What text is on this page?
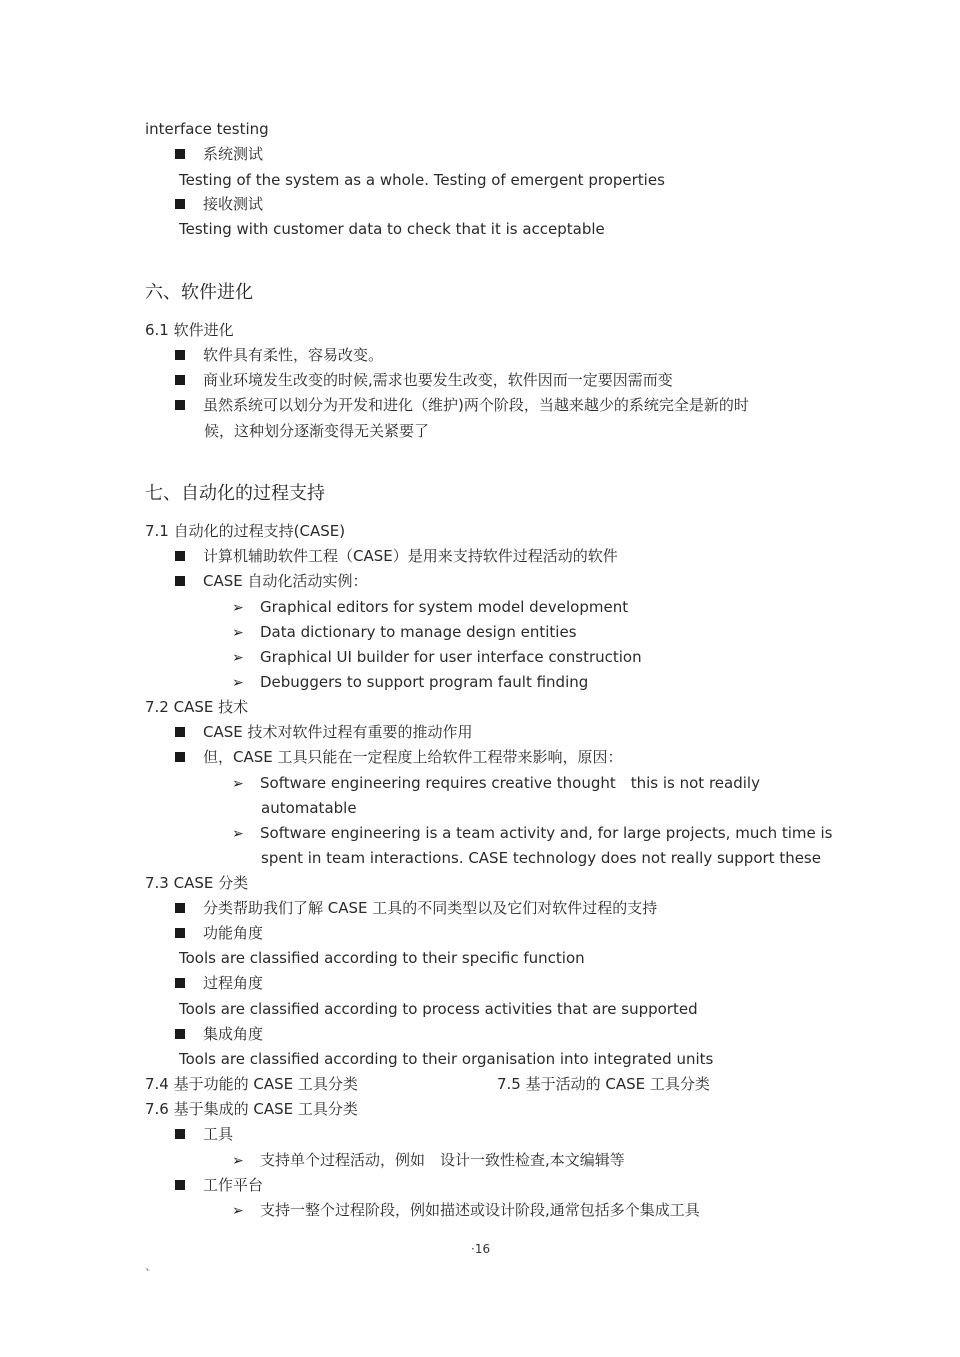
interface testing
系统测试
Testing of the system as a whole. Testing of emergent properties
接收测试
Testing with customer data to check that it is acceptable
六、软件进化
6.1 软件进化
软件具有柔性，容易改变。
商业环境发生改变的时候,需求也要发生改变，软件因而一定要因需而变
虽然系统可以划分为开发和进化（维护)两个阶段，当越来越少的系统完全是新的时
候，这种划分逐渐变得无关紧要了
七、自动化的过程支持
7.1 自动化的过程支持(CASE)
计算机辅助软件工程（CASE）是用来支持软件过程活动的软件
CASE 自动化活动实例：
➢ Graphical editors for system model development
➢ Data dictionary to manage design entities
➢ Graphical UI builder for user interface construction
➢ Debuggers to support program fault finding
7.2 CASE 技术
CASE 技术对软件过程有重要的推动作用
但，CASE 工具只能在一定程度上给软件工程带来影响，原因：
➢ Software engineering requires creative thought　this is not readily
automatable
➢ Software engineering is a team activity and, for large projects, much time is
spent in team interactions. CASE technology does not really support these
7.3 CASE 分类
分类帮助我们了解 CASE 工具的不同类型以及它们对软件过程的支持
功能角度
Tools are classified according to their specific function
过程角度
Tools are classified according to process activities that are supported
集成角度
Tools are classified according to their organisation into integrated units
7.4 基于功能的 CASE 工具分类	7.5 基于活动的 CASE 工具分类
7.6 基于集成的 CASE 工具分类
工具
➢ 支持单个过程活动，例如　设计一致性检查,本文编辑等
工作平台
➢ 支持一整个过程阶段，例如描述或设计阶段,通常包括多个集成工具
·16
、
